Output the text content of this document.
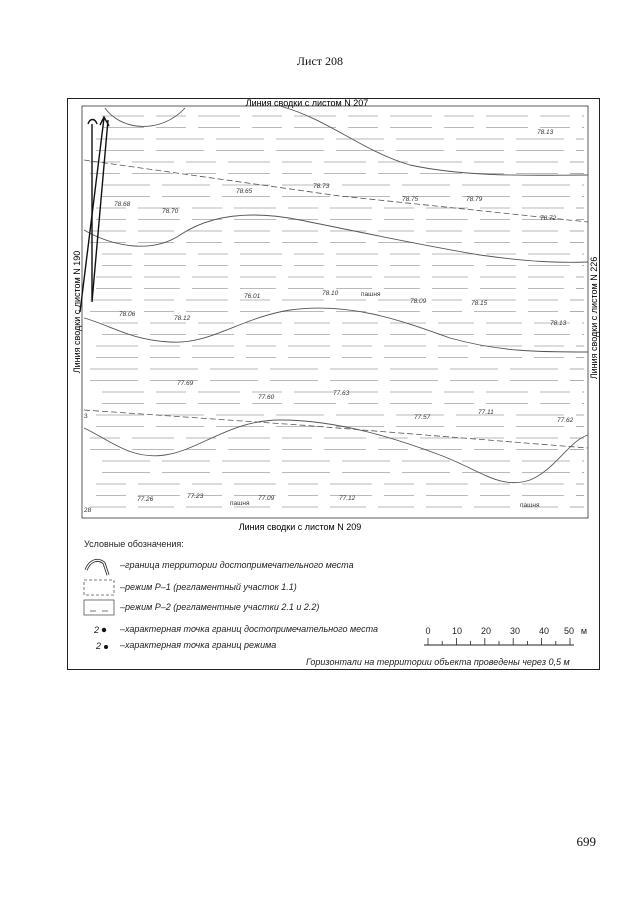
Лист 208
Линия сводки с листом N 207
Линия сводки с листом N 209
Линия сводки с листом N 190	Линия сводки с листом N 226
78.13
78.73
78.65
78.75	78.79
78.68
78.70
78.72
76.01	78.10
78.09	78.15
78.06
78.12
78.13
77.69
77.60
77.63
77.57
77.11
77.62
77.26	77.23	77.09	77.12
пашня
пашня	пашня
3
28
2
2
0 10 20 30 40 50 м
Условные обозначения:
–граница территории достопримечательного места
–режим Р–1 (регламентный участок 1.1)
–режим Р–2 (регламентные участки 2.1 и 2.2)
–характерная точка границ достопримечательного места
–характерная точка границ режима
Горизонтали на территории объекта проведены через 0,5 м
699
